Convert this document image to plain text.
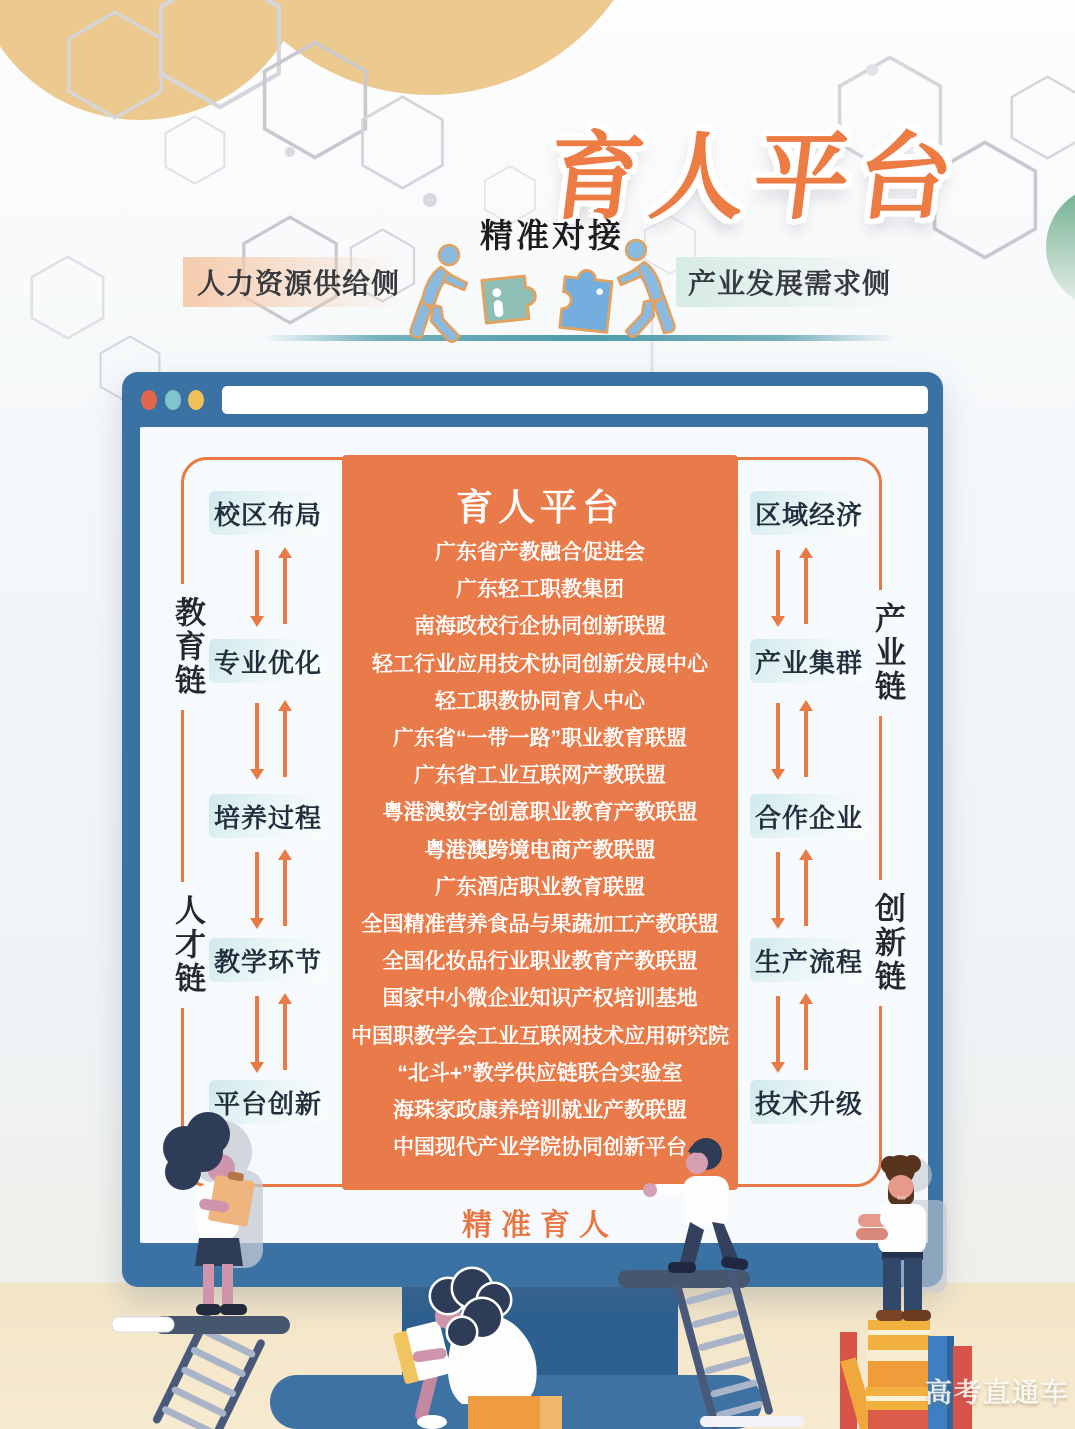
育人平台
精准对接
人力资源供给侧	产业发展需求侧
教育链
人才链
校区布局
专业优化
培养过程
教学环节
平台创新
产业链
创新链
区域经济
产业集群
合作企业
生产流程
技术升级
育人平台
广东省产教融合促进会
广东轻工职教集团
南海政校行企协同创新联盟
轻工行业应用技术协同创新发展中心
轻工职教协同育人中心
广东省“一带一路”职业教育联盟
广东省工业互联网产教联盟
粤港澳数字创意职业教育产教联盟
粤港澳跨境电商产教联盟
广东酒店职业教育联盟
全国精准营养食品与果蔬加工产教联盟
全国化妆品行业职业教育产教联盟
国家中小微企业知识产权培训基地
中国职教学会工业互联网技术应用研究院
“北斗+”教学供应链联合实验室
海珠家政康养培训就业产教联盟
中国现代产业学院协同创新平台
精准育人
高考直通车
